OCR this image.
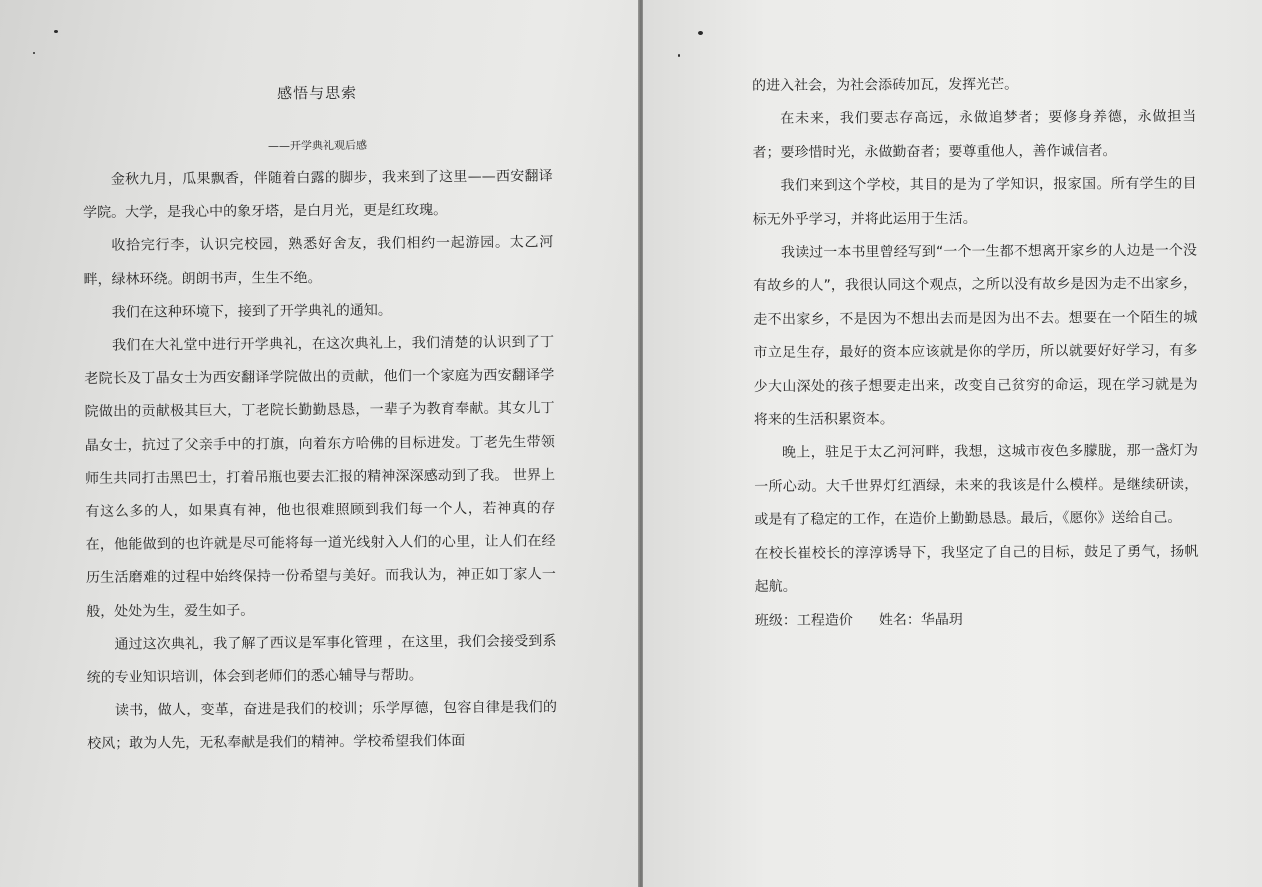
感悟与思索
——开学典礼观后感

金秋九月，瓜果飘香，伴随着白露的脚步，我来到了这里——西安翻译学院。大学，是我心中的象牙塔，是白月光，更是红玫瑰。

收拾完行李，认识完校园，熟悉好舍友，我们相约一起游园。太乙河畔，绿林环绕。朗朗书声，生生不绝。

我们在这种环境下，接到了开学典礼的通知。

我们在大礼堂中进行开学典礼，在这次典礼上，我们清楚的认识到了丁老院长及丁晶女士为西安翻译学院做出的贡献，他们一个家庭为西安翻译学院做出的贡献极其巨大，丁老院长勤勤恳恳，一辈子为教育奉献。其女儿丁晶女士，抗过了父亲手中的打旗，向着东方哈佛的目标进发。丁老先生带领师生共同打击黑巴士，打着吊瓶也要去汇报的精神深深感动到了我。 世界上有这么多的人，如果真有神，他也很难照顾到我们每一个人，若神真的存在，他能做到的也许就是尽可能将每一道光线射入人们的心里，让人们在经历生活磨难的过程中始终保持一份希望与美好。而我认为，神正如丁家人一般，处处为生，爱生如子。

通过这次典礼，我了解了西议是军事化管理 ，在这里，我们会接受到系统的专业知识培训，体会到老师们的悉心辅导与帮助。

读书，做人，变革，奋进是我们的校训；乐学厚德，包容自律是我们的校风；敢为人先，无私奉献是我们的精神。学校希望我们体面

的进入社会，为社会添砖加瓦，发挥光芒。

在未来，我们要志存高远，永做追梦者；要修身养德，永做担当者；要珍惜时光，永做勤奋者；要尊重他人，善作诚信者。

我们来到这个学校，其目的是为了学知识，报家国。所有学生的目标无外乎学习，并将此运用于生活。

我读过一本书里曾经写到“一个一生都不想离开家乡的人边是一个没有故乡的人”，我很认同这个观点，之所以没有故乡是因为走不出家乡，走不出家乡，不是因为不想出去而是因为出不去。想要在一个陌生的城市立足生存，最好的资本应该就是你的学历，所以就要好好学习，有多少大山深处的孩子想要走出来，改变自己贫穷的命运，现在学习就是为将来的生活积累资本。

晚上，驻足于太乙河河畔，我想，这城市夜色多朦胧，那一盏灯为一所心动。大千世界灯红酒绿，未来的我该是什么模样。是继续研读，或是有了稳定的工作，在造价上勤勤恳恳。最后，《愿你》送给自己。

在校长崔校长的淳淳诱导下，我坚定了自己的目标，鼓足了勇气，扬帆起航。

班级：工程造价 姓名：华晶玥
